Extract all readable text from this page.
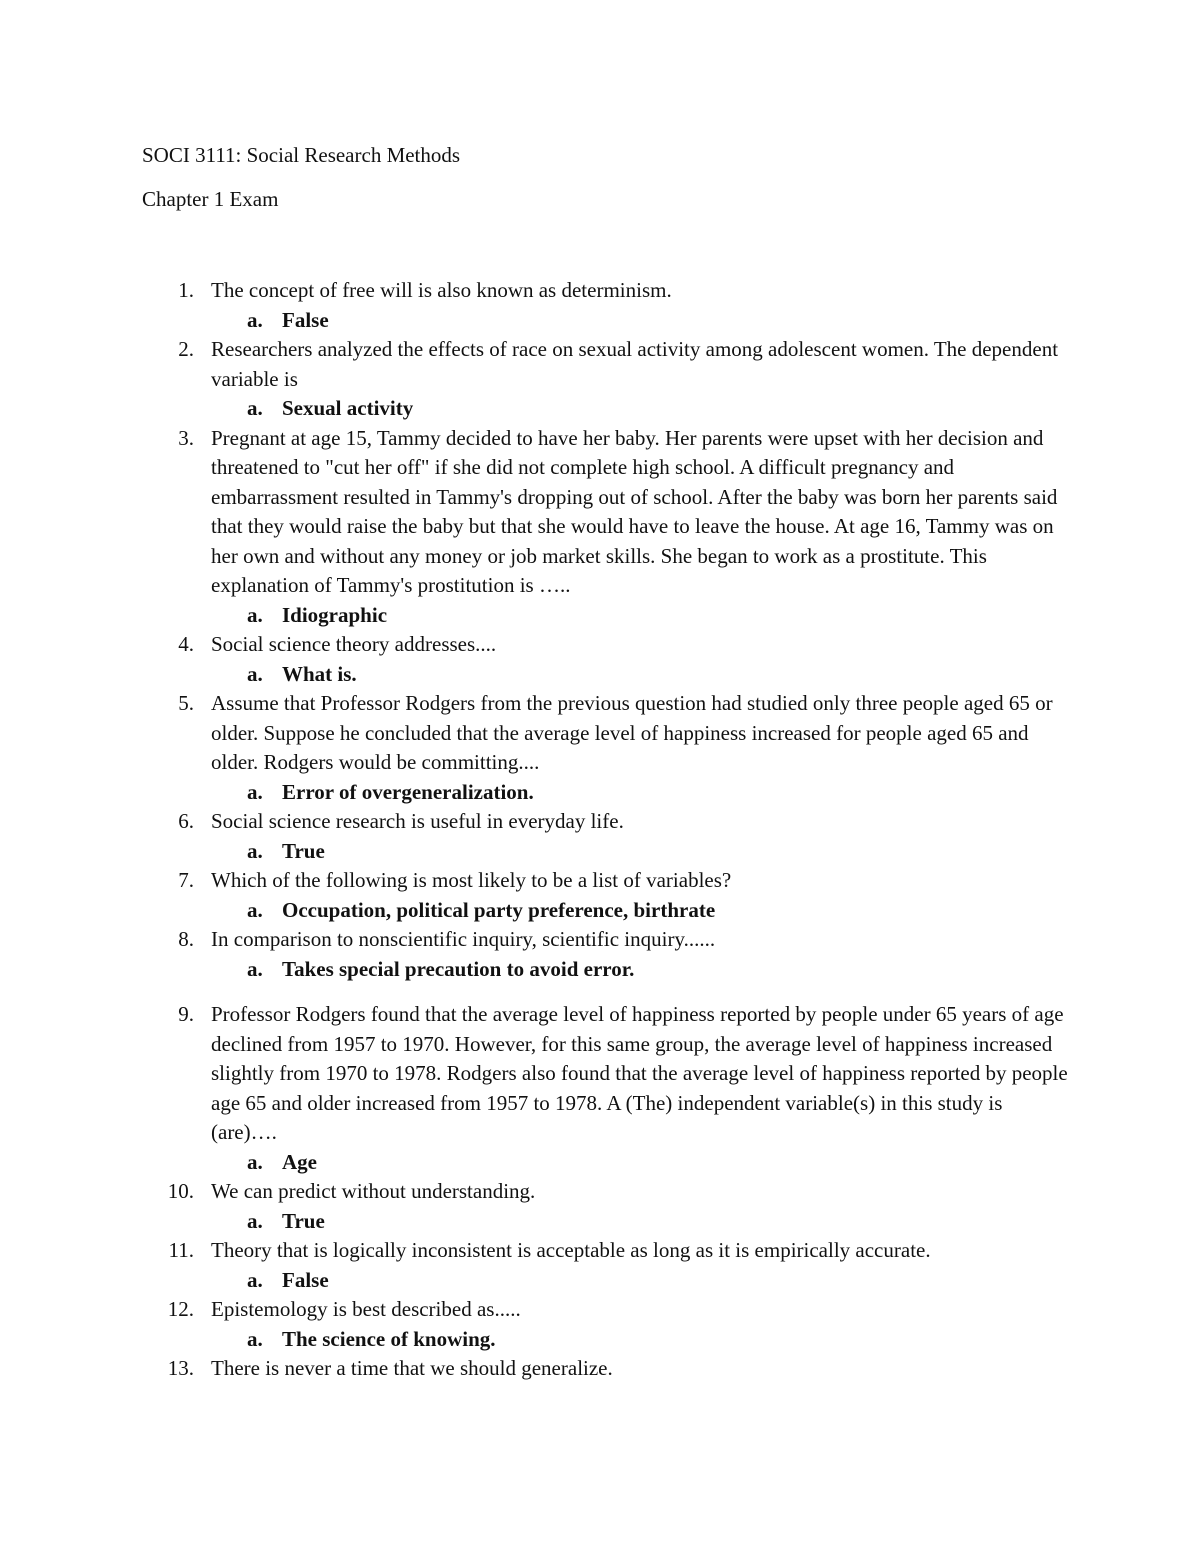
SOCI 3111: Social Research Methods
Chapter 1 Exam
1. The concept of free will is also known as determinism.
a. False
2. Researchers analyzed the effects of race on sexual activity among adolescent women. The dependent variable is
a. Sexual activity
3. Pregnant at age 15, Tammy decided to have her baby. Her parents were upset with her decision and threatened to "cut her off" if she did not complete high school. A difficult pregnancy and embarrassment resulted in Tammy's dropping out of school. After the baby was born her parents said that they would raise the baby but that she would have to leave the house. At age 16, Tammy was on her own and without any money or job market skills. She began to work as a prostitute. This explanation of Tammy's prostitution is …..
a. Idiographic
4. Social science theory addresses....
a. What is.
5. Assume that Professor Rodgers from the previous question had studied only three people aged 65 or older. Suppose he concluded that the average level of happiness increased for people aged 65 and older. Rodgers would be committing....
a. Error of overgeneralization.
6. Social science research is useful in everyday life.
a. True
7. Which of the following is most likely to be a list of variables?
a. Occupation, political party preference, birthrate
8. In comparison to nonscientific inquiry, scientific inquiry......
a. Takes special precaution to avoid error.
9. Professor Rodgers found that the average level of happiness reported by people under 65 years of age declined from 1957 to 1970. However, for this same group, the average level of happiness increased slightly from 1970 to 1978. Rodgers also found that the average level of happiness reported by people age 65 and older increased from 1957 to 1978. A (The) independent variable(s) in this study is (are)….
a. Age
10. We can predict without understanding.
a. True
11. Theory that is logically inconsistent is acceptable as long as it is empirically accurate.
a. False
12. Epistemology is best described as.....
a. The science of knowing.
13. There is never a time that we should generalize.
